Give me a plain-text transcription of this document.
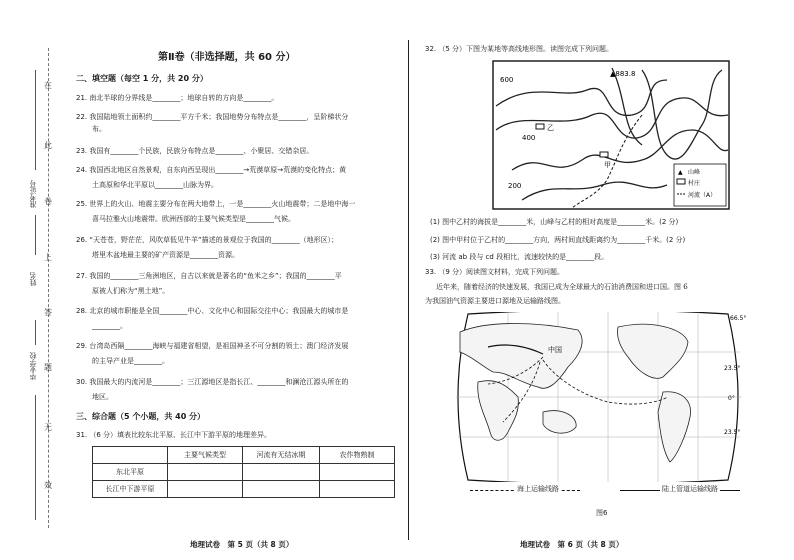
准考证号
姓名
毕业学校
在
此
卷
上
答
题
无
效
第Ⅱ卷（非选择题，共 60 分）
二、填空题（每空 1 分，共 20 分）
21. 南北半球的分界线是________；地球自转的方向是________。
22. 我国陆地领土面积约________平方千米；我国地势分布特点是________，呈阶梯状分
布。
23. 我国有________个民族，民族分布特点是________、小聚居、交错杂居。
24. 我国西北地区自然景观，自东向西呈现出________→荒漠草原→荒漠的变化特点；黄
土高原和华北平原以________山脉为界。
25. 世界上的火山、地震主要分布在两大地带上，一是________火山地震带；二是地中海一
喜马拉雅火山地震带。欧洲西部的主要气候类型是________气候。
26. “天苍苍，野茫茫，风吹草低见牛羊”描述的景观位于我国的________（地形区）；
塔里木盆地最主要的矿产资源是________资源。
27. 我国的________三角洲地区，自古以来就是著名的“鱼米之乡”；我国的________平
原被人们称为“黑土地”。
28. 北京的城市职能是全国________中心、文化中心和国际交往中心；我国最大的城市是
________。
29. 台湾岛西隔________海峡与福建省相望，是祖国神圣不可分割的领土；澳门经济发展
的主导产业是________。
30. 我国最大的内流河是________；三江源地区是指长江、________和澜沧江源头所在的
地区。
三、综合题（5 个小题，共 40 分）
31. （6 分）填表比较东北平原、长江中下游平原的地理差异。
	主要气候类型	河流有无结冰期	农作物熟制
东北平原			
长江中下游平原			
地理试卷　第 5 页（共 8 页）
32. （5 分）下图为某地等高线地形图。读图完成下列问题。
▲883.8
600
400
200
乙
甲
▲ 山峰
村庄
河流（A）
(1) 图中乙村的海拔是________米，山峰与乙村的相对高度是________米。(2 分)
(2) 图中甲村位于乙村的________方向，两村间直线距离约为________千米。(2 分)
(3) 河流 ab 段与 cd 段相比，流速较快的是________段。
33. （9 分）阅读图文材料，完成下列问题。
近年来，随着经济的快速发展，我国已成为全球最大的石油消费国和进口国。图 6
为我国油气资源主要进口源地及运输路线图。
66.5°
23.5°
0°
23.5°
中国
海上运输线路	陆上管道运输线路
图6
地理试卷　第 6 页（共 8 页）
